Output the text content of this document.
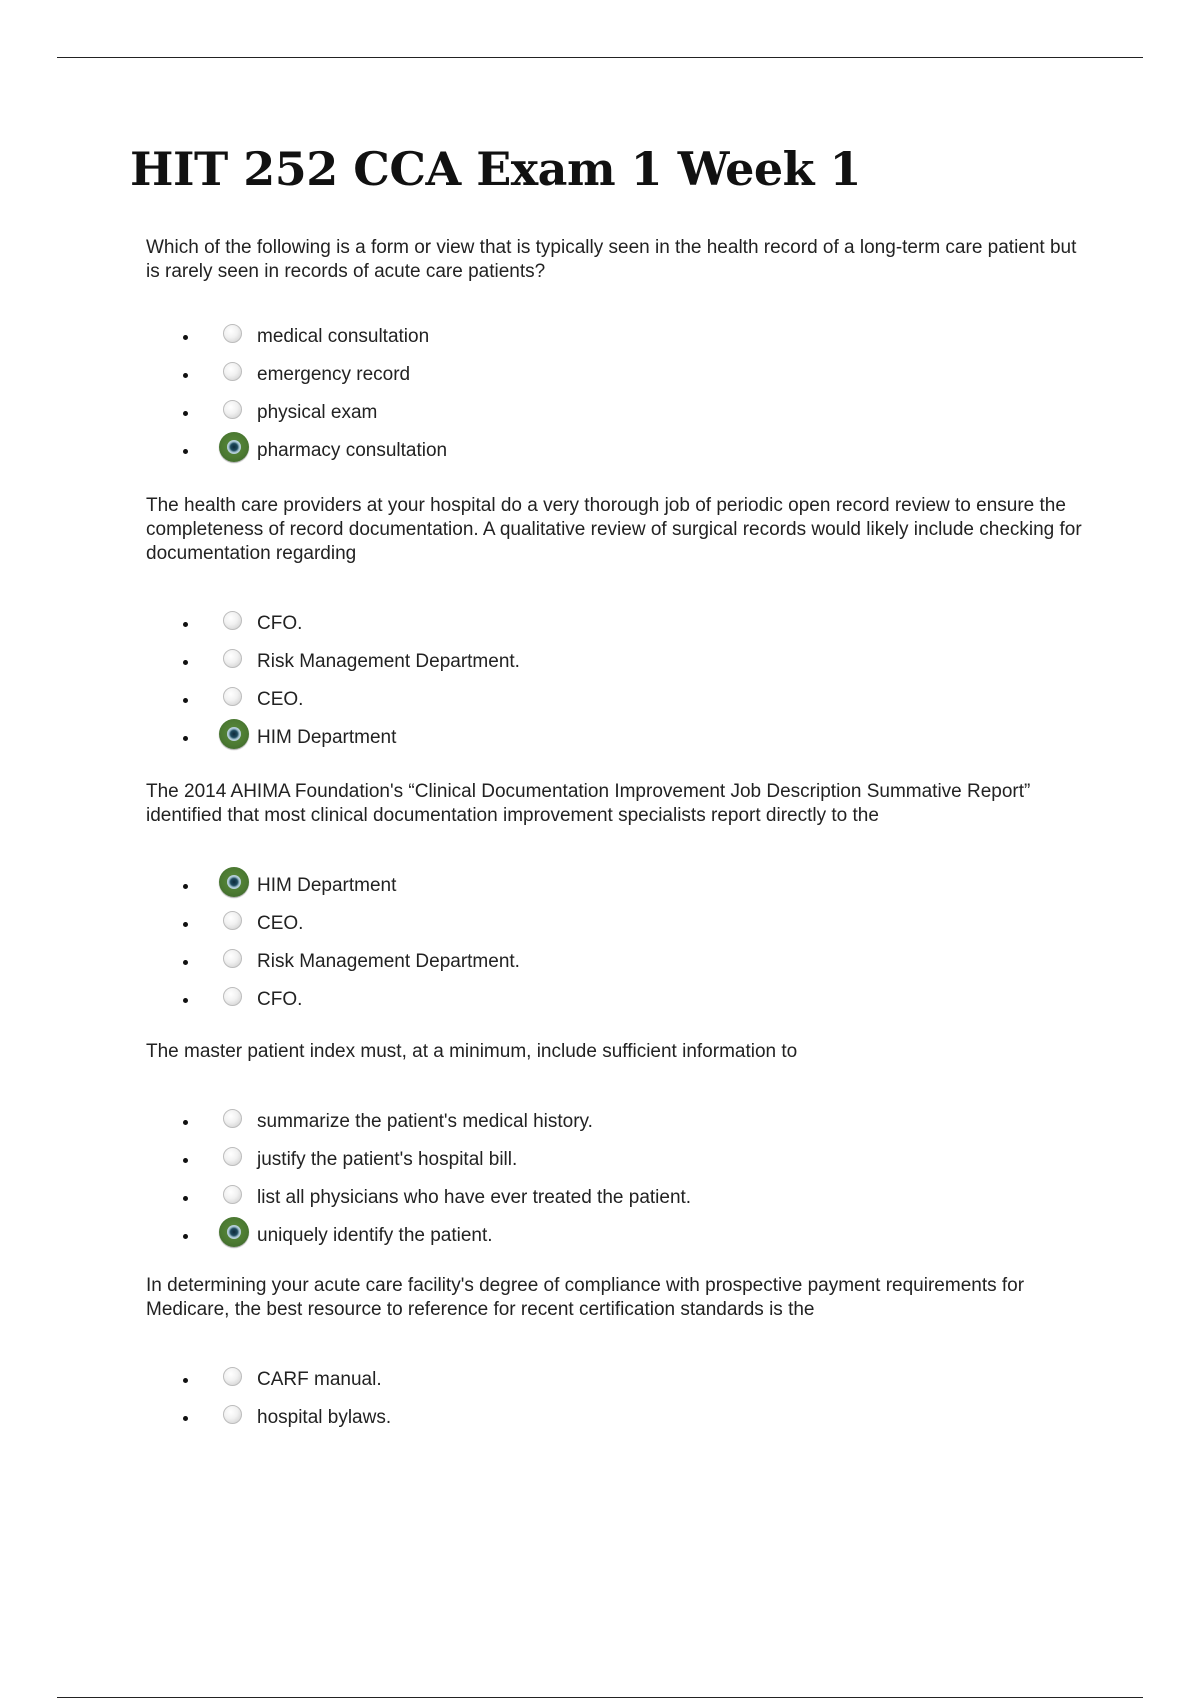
HIT 252 CCA Exam 1 Week 1

Which of the following is a form or view that is typically seen in the health record of a long-term care patient but is rarely seen in records of acute care patients?

medical consultation
emergency record
physical exam
pharmacy consultation

The health care providers at your hospital do a very thorough job of periodic open record review to ensure the completeness of record documentation. A qualitative review of surgical records would likely include checking for documentation regarding

CFO.
Risk Management Department.
CEO.
HIM Department

The 2014 AHIMA Foundation's “Clinical Documentation Improvement Job Description Summative Report” identified that most clinical documentation improvement specialists report directly to the

HIM Department
CEO.
Risk Management Department.
CFO.

The master patient index must, at a minimum, include sufficient information to

summarize the patient's medical history.
justify the patient's hospital bill.
list all physicians who have ever treated the patient.
uniquely identify the patient.

In determining your acute care facility's degree of compliance with prospective payment requirements for Medicare, the best resource to reference for recent certification standards is the

CARF manual.
hospital bylaws.
